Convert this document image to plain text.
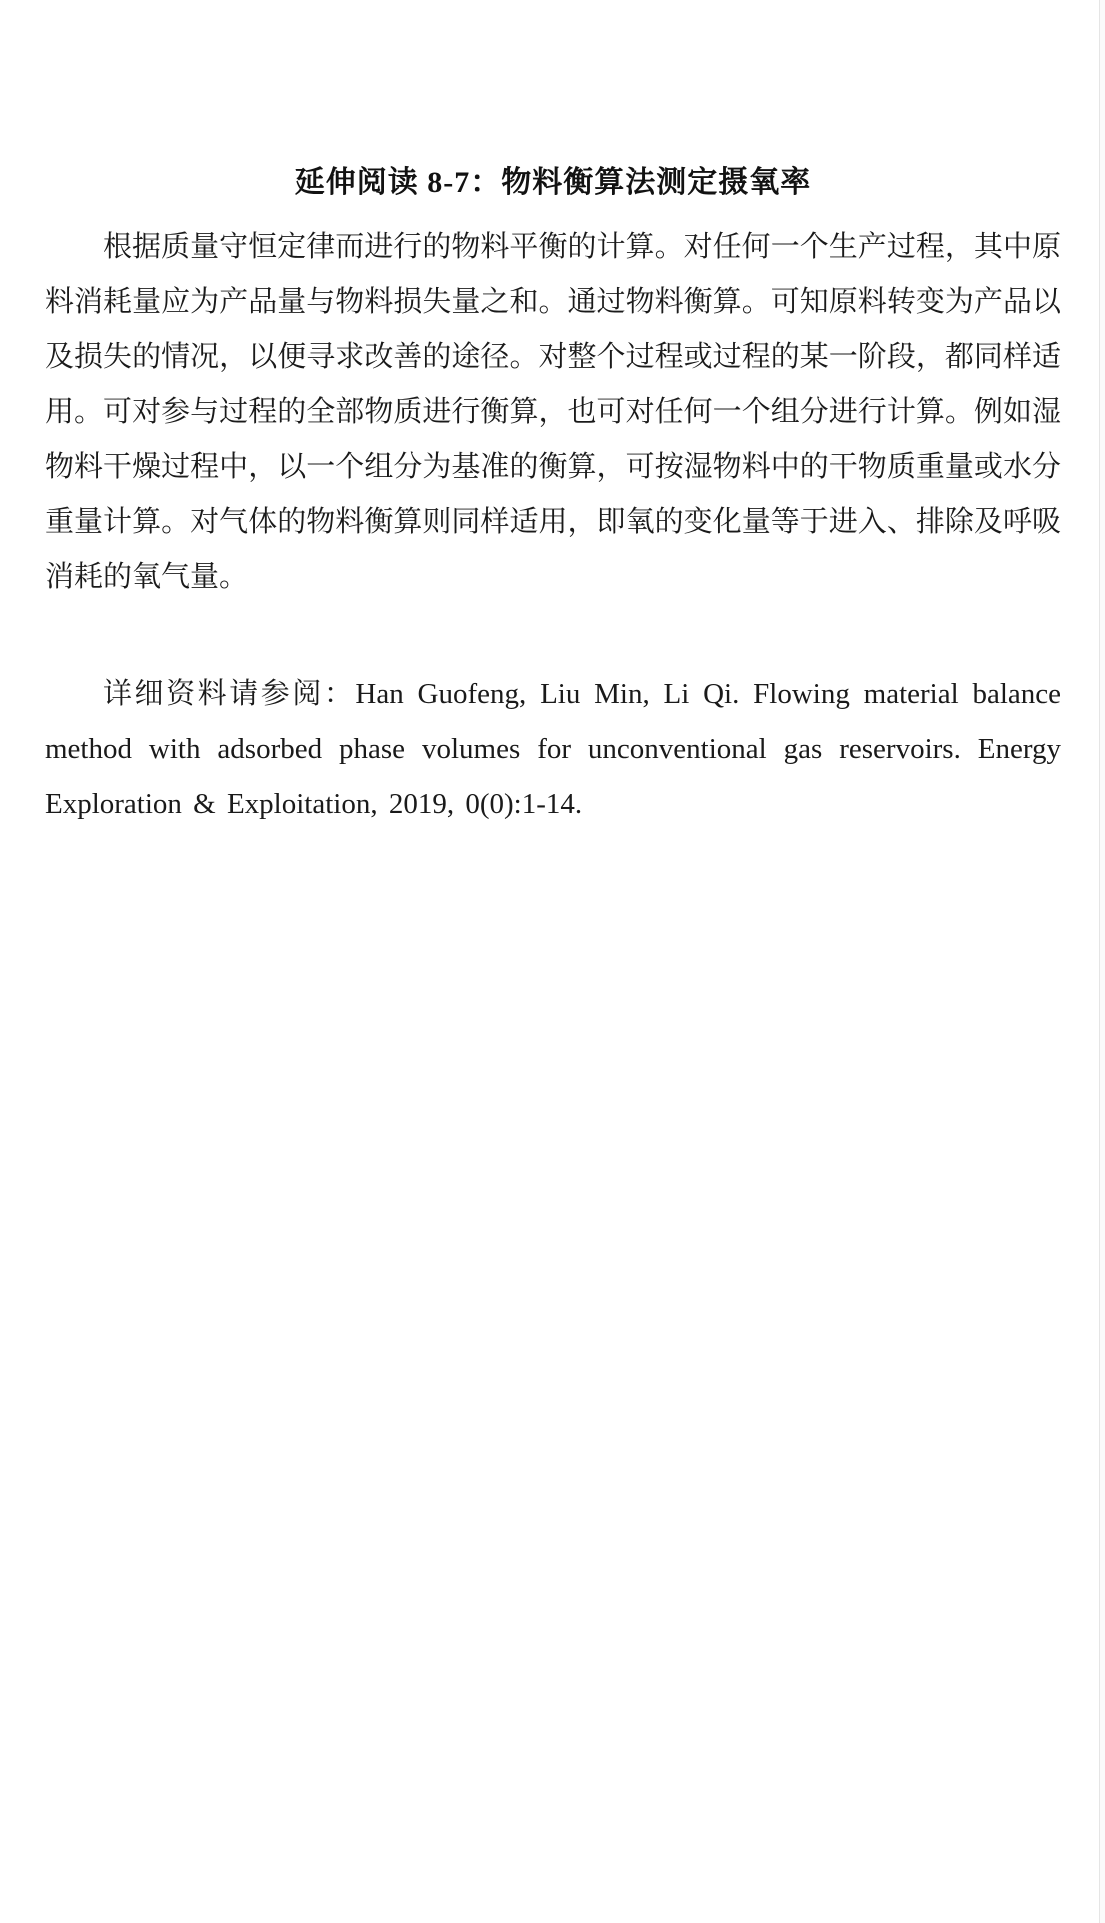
延伸阅读 8-7：物料衡算法测定摄氧率

根据质量守恒定律而进行的物料平衡的计算。对任何一个生产过程，其中原料消耗量应为产品量与物料损失量之和。通过物料衡算。可知原料转变为产品以及损失的情况，以便寻求改善的途径。对整个过程或过程的某一阶段，都同样适用。可对参与过程的全部物质进行衡算，也可对任何一个组分进行计算。例如湿物料干燥过程中，以一个组分为基准的衡算，可按湿物料中的干物质重量或水分重量计算。对气体的物料衡算则同样适用，即氧的变化量等于进入、排除及呼吸消耗的氧气量。

详细资料请参阅：Han Guofeng, Liu Min, Li Qi. Flowing material balance method with adsorbed phase volumes for unconventional gas reservoirs. Energy Exploration & Exploitation, 2019, 0(0):1-14.
